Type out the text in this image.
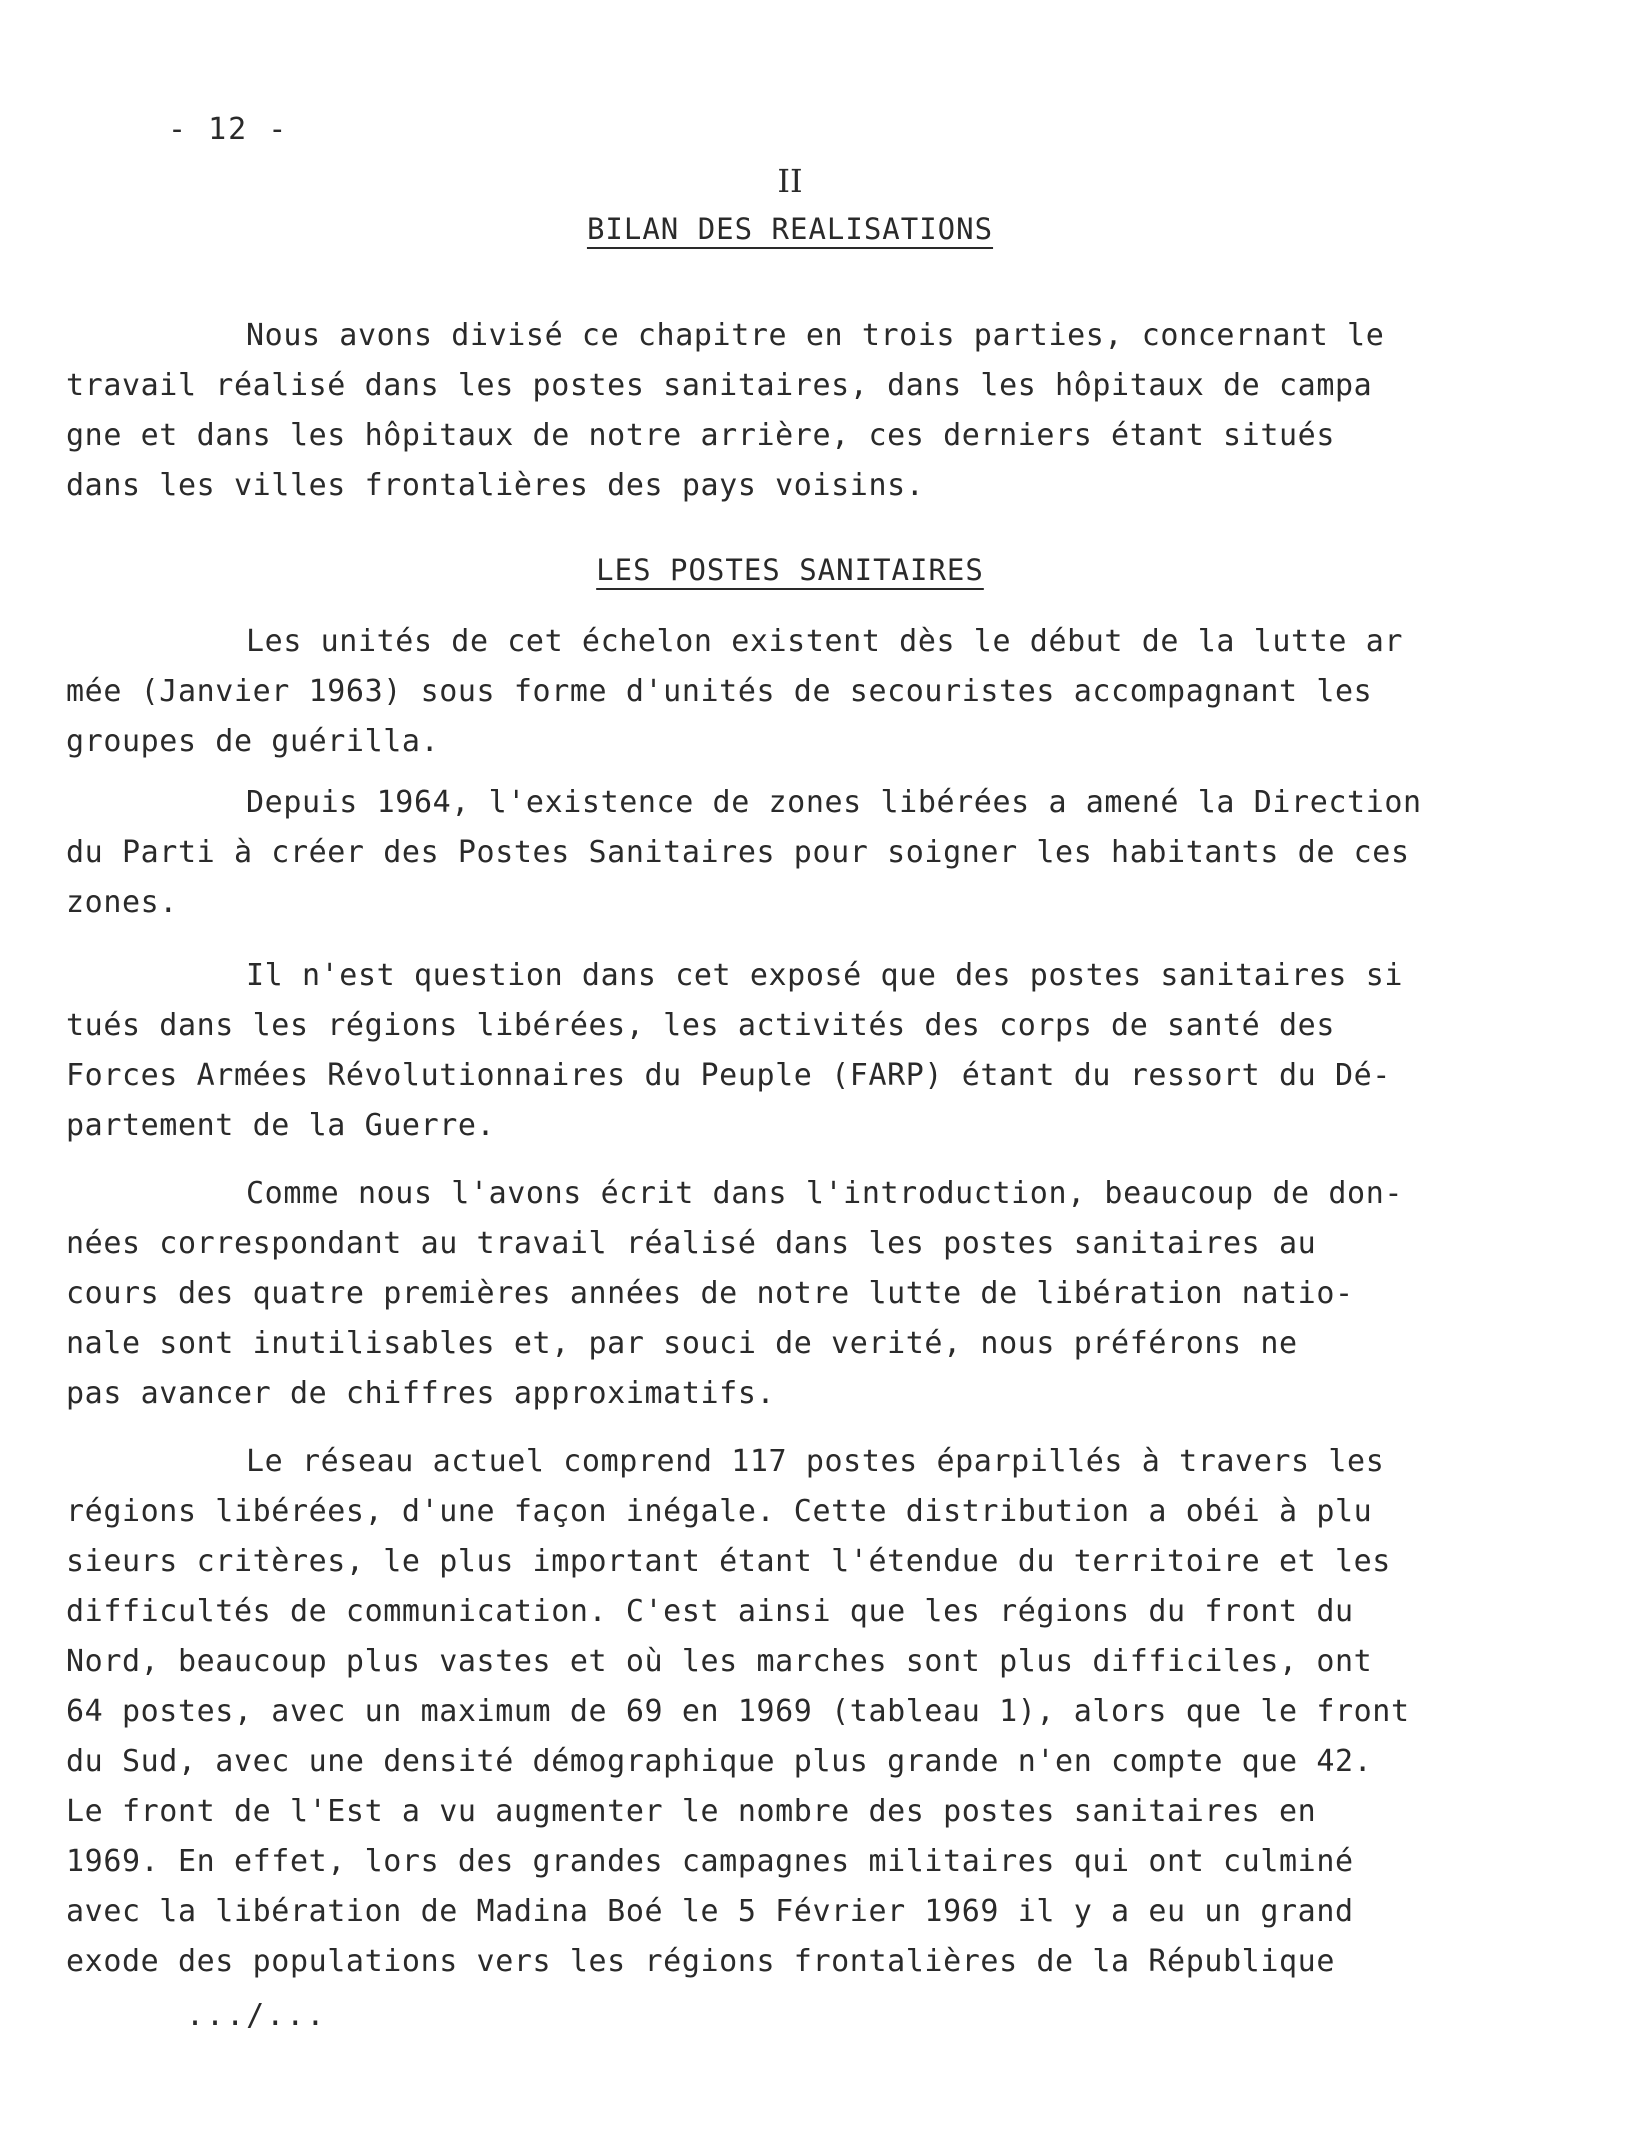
- 12 -
II
BILAN DES REALISATIONS
Nous avons divisé ce chapitre en trois parties, concernant le
travail réalisé dans les postes sanitaires, dans les hôpitaux de campa
gne et dans les hôpitaux de notre arrière, ces derniers étant situés
dans les villes frontalières des pays voisins.
LES POSTES SANITAIRES
Les unités de cet échelon existent dès le début de la lutte ar
mée (Janvier 1963) sous forme d'unités de secouristes accompagnant les
groupes de guérilla.
Depuis 1964, l'existence de zones libérées a amené la Direction
du Parti à créer des Postes Sanitaires pour soigner les habitants de ces
zones.
Il n'est question dans cet exposé que des postes sanitaires si
tués dans les régions libérées, les activités des corps de santé des
Forces Armées Révolutionnaires du Peuple (FARP) étant du ressort du Dé-
partement de la Guerre.
Comme nous l'avons écrit dans l'introduction, beaucoup de don-
nées correspondant au travail réalisé dans les postes sanitaires au
cours des quatre premières années de notre lutte de libération natio-
nale sont inutilisables et, par souci de verité, nous préférons ne
pas avancer de chiffres approximatifs.
Le réseau actuel comprend 117 postes éparpillés à travers les
régions libérées, d'une façon inégale. Cette distribution a obéi à plu
sieurs critères, le plus important étant l'étendue du territoire et les
difficultés de communication. C'est ainsi que les régions du front du
Nord, beaucoup plus vastes et où les marches sont plus difficiles, ont
64 postes, avec un maximum de 69 en 1969 (tableau 1), alors que le front
du Sud, avec une densité démographique plus grande n'en compte que 42.
Le front de l'Est a vu augmenter le nombre des postes sanitaires en
1969. En effet, lors des grandes campagnes militaires qui ont culminé
avec la libération de Madina Boé le 5 Février 1969 il y a eu un grand
exode des populations vers les régions frontalières de la République
.../...
